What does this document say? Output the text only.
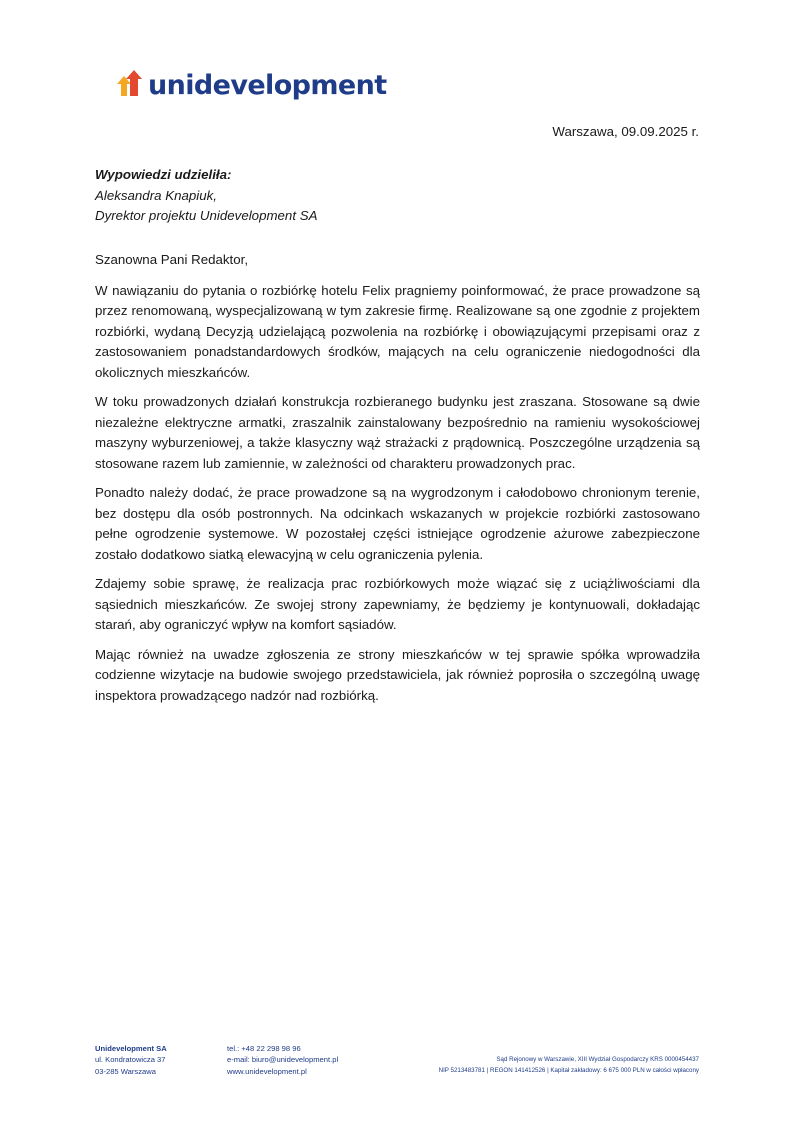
unidevelopment
Warszawa, 09.09.2025 r.
Wypowiedzi udzieliła:
Aleksandra Knapiuk,
Dyrektor projektu Unidevelopment SA

Szanowna Pani Redaktor,

W nawiązaniu do pytania o rozbiórkę hotelu Felix pragniemy poinformować, że prace prowadzone są przez renomowaną, wyspecjalizowaną w tym zakresie firmę. Realizowane są one zgodnie z projektem rozbiórki, wydaną Decyzją udzielającą pozwolenia na rozbiórkę i obowiązującymi przepisami oraz z zastosowaniem ponadstandardowych środków, mających na celu ograniczenie niedogodności dla okolicznych mieszkańców.

W toku prowadzonych działań konstrukcja rozbieranego budynku jest zraszana. Stosowane są dwie niezależne elektryczne armatki, zraszalnik zainstalowany bezpośrednio na ramieniu wysokościowej maszyny wyburzeniowej, a także klasyczny wąż strażacki z prądownicą. Poszczególne urządzenia są stosowane razem lub zamiennie, w zależności od charakteru prowadzonych prac.

Ponadto należy dodać, że prace prowadzone są na wygrodzonym i całodobowo chronionym terenie, bez dostępu dla osób postronnych. Na odcinkach wskazanych w projekcie rozbiórki zastosowano pełne ogrodzenie systemowe. W pozostałej części istniejące ogrodzenie ażurowe zabezpieczone zostało dodatkowo siatką elewacyjną w celu ograniczenia pylenia.

Zdajemy sobie sprawę, że realizacja prac rozbiórkowych może wiązać się z uciążliwościami dla sąsiednich mieszkańców. Ze swojej strony zapewniamy, że będziemy je kontynuowali, dokładając starań, aby ograniczyć wpływ na komfort sąsiadów.

Mając również na uwadze zgłoszenia ze strony mieszkańców w tej sprawie spółka wprowadziła codzienne wizytacje na budowie swojego przedstawiciela, jak również poprosiła o szczególną uwagę inspektora prowadzącego nadzór nad rozbiórką.

Unidevelopment SA
ul. Kondratowicza 37
03-285 Warszawa
tel.: +48 22 298 98 96
e-mail: biuro@unidevelopment.pl
www.unidevelopment.pl
Sąd Rejonowy w Warszawie, XIII Wydział Gospodarczy KRS 0000454437
NIP 5213483781 | REGON 141412526 | Kapitał zakładowy: 6 675 000 PLN w całości wpłacony
